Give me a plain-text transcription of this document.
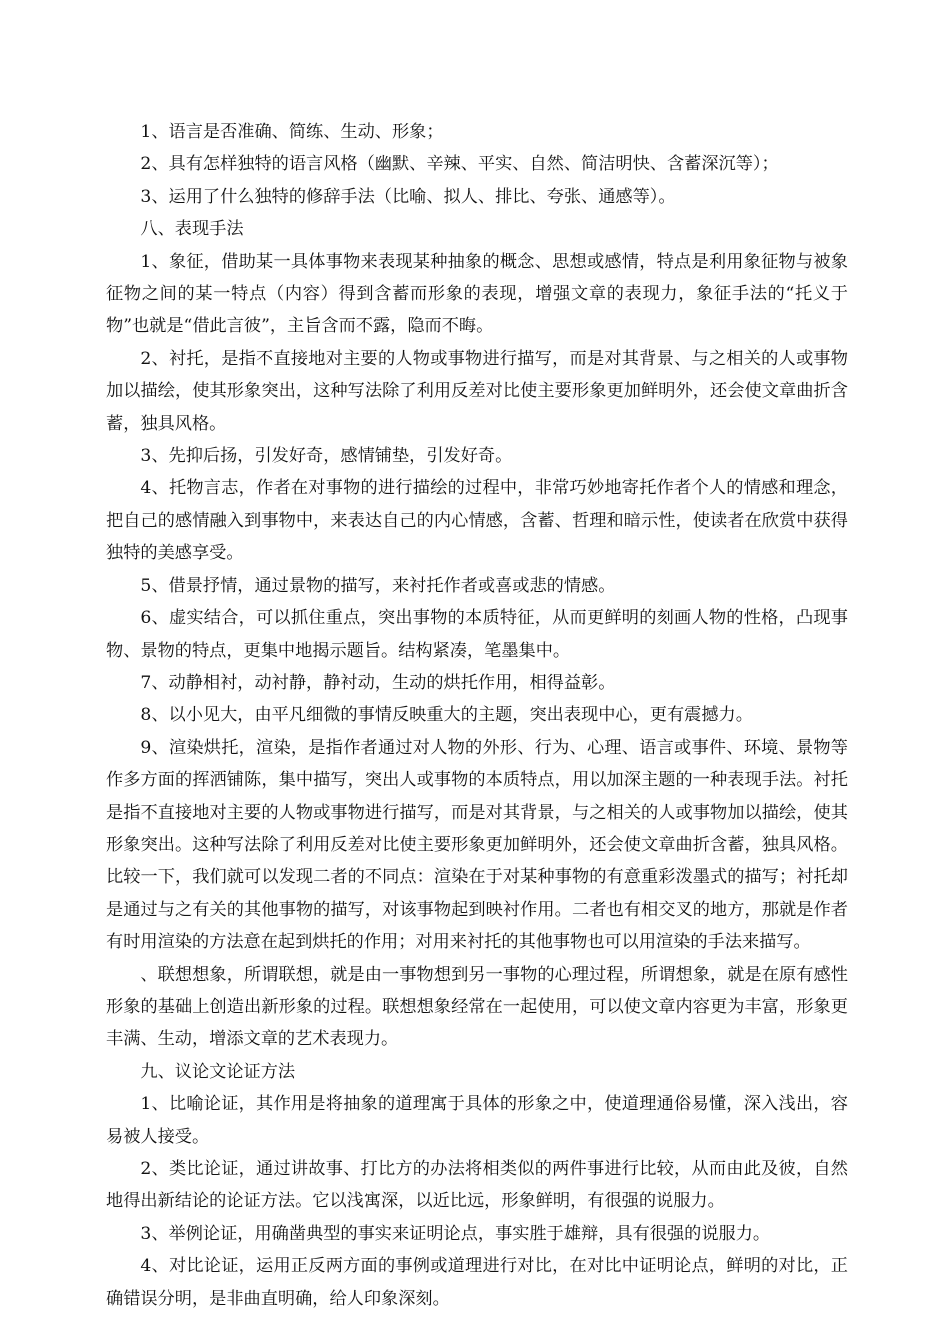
1、语言是否准确、简练、生动、形象；

2、具有怎样独特的语言风格（幽默、辛辣、平实、自然、简洁明快、含蓄深沉等）；

3、运用了什么独特的修辞手法（比喻、拟人、排比、夸张、通感等）。

八、表现手法

1、象征，借助某一具体事物来表现某种抽象的概念、思想或感情，特点是利用象征物与被象征物之间的某一特点（内容）得到含蓄而形象的表现，增强文章的表现力，象征手法的“托义于物”也就是“借此言彼”，主旨含而不露，隐而不晦。

2、衬托，是指不直接地对主要的人物或事物进行描写，而是对其背景、与之相关的人或事物加以描绘，使其形象突出，这种写法除了利用反差对比使主要形象更加鲜明外，还会使文章曲折含蓄，独具风格。

3、先抑后扬，引发好奇，感情铺垫，引发好奇。

4、托物言志，作者在对事物的进行描绘的过程中，非常巧妙地寄托作者个人的情感和理念，把自己的感情融入到事物中，来表达自己的内心情感，含蓄、哲理和暗示性，使读者在欣赏中获得独特的美感享受。

5、借景抒情，通过景物的描写，来衬托作者或喜或悲的情感。

6、虚实结合，可以抓住重点，突出事物的本质特征，从而更鲜明的刻画人物的性格，凸现事物、景物的特点，更集中地揭示题旨。结构紧凑，笔墨集中。

7、动静相衬，动衬静，静衬动，生动的烘托作用，相得益彰。

8、以小见大，由平凡细微的事情反映重大的主题，突出表现中心，更有震撼力。

9、渲染烘托，渲染，是指作者通过对人物的外形、行为、心理、语言或事件、环境、景物等作多方面的挥洒铺陈，集中描写，突出人或事物的本质特点，用以加深主题的一种表现手法。衬托是指不直接地对主要的人物或事物进行描写，而是对其背景，与之相关的人或事物加以描绘，使其形象突出。这种写法除了利用反差对比使主要形象更加鲜明外，还会使文章曲折含蓄，独具风格。比较一下，我们就可以发现二者的不同点：渲染在于对某种事物的有意重彩泼墨式的描写；衬托却是通过与之有关的其他事物的描写，对该事物起到映衬作用。二者也有相交叉的地方，那就是作者有时用渲染的方法意在起到烘托的作用；对用来衬托的其他事物也可以用渲染的手法来描写。

、联想想象，所谓联想，就是由一事物想到另一事物的心理过程，所谓想象，就是在原有感性形象的基础上创造出新形象的过程。联想想象经常在一起使用，可以使文章内容更为丰富，形象更丰满、生动，增添文章的艺术表现力。

九、议论文论证方法

1、比喻论证，其作用是将抽象的道理寓于具体的形象之中，使道理通俗易懂，深入浅出，容易被人接受。

2、类比论证，通过讲故事、打比方的办法将相类似的两件事进行比较，从而由此及彼，自然地得出新结论的论证方法。它以浅寓深，以近比远，形象鲜明，有很强的说服力。

3、举例论证，用确凿典型的事实来证明论点，事实胜于雄辩，具有很强的说服力。

4、对比论证，运用正反两方面的事例或道理进行对比，在对比中证明论点，鲜明的对比，正确错误分明，是非曲直明确，给人印象深刻。
